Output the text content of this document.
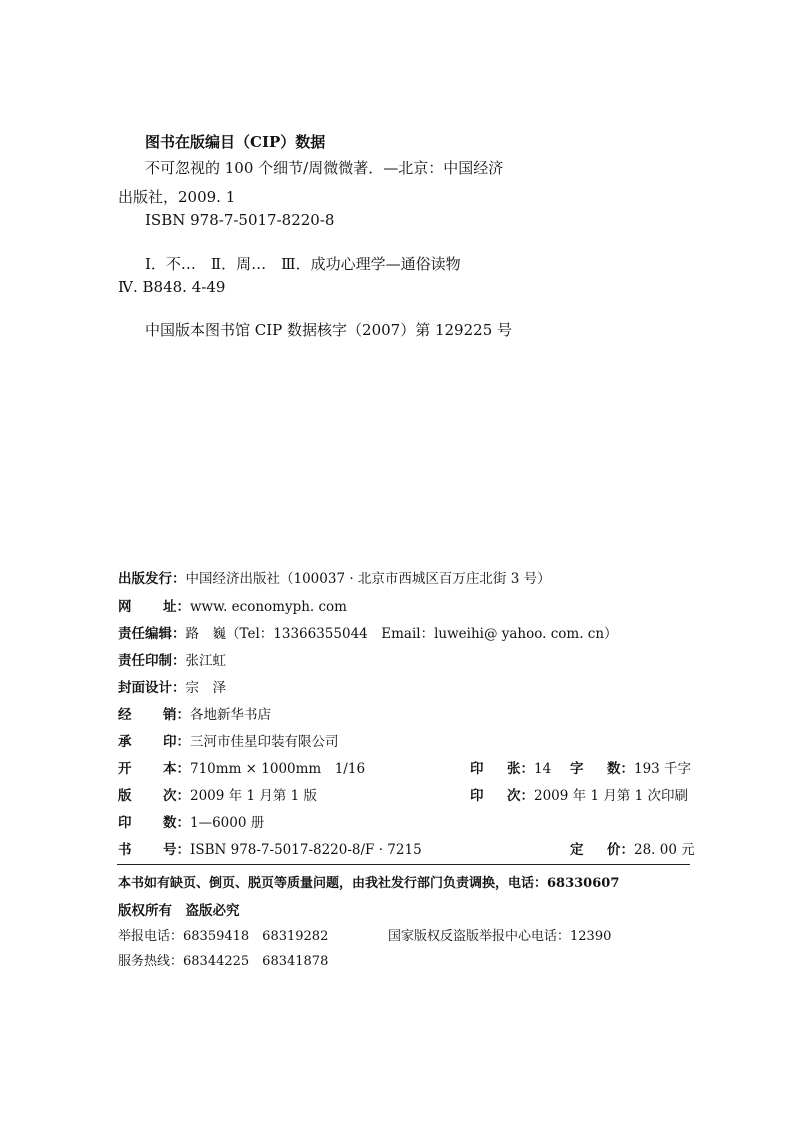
图书在版编目（CIP）数据
不可忽视的 100 个细节/周微微著．—北京：中国经济
出版社，2009. 1
ISBN 978-7-5017-8220-8
Ⅰ．不…　Ⅱ．周…　Ⅲ．成功心理学—通俗读物
Ⅳ. B848. 4-49
中国版本图书馆 CIP 数据核字（2007）第 129225 号
出版发行：中国经济出版社（100037 · 北京市西城区百万庄北街 3 号）
网 址： www. economyph. com
责任编辑：路　巍（Tel：13366355044　Email：luweihi@ yahoo. com. cn）
责任印制：张江虹
封面设计：宗　泽
经 销： 各地新华书店
承 印： 三河市佳星印装有限公司
开 本： 710mm × 1000mm　1/16	印 张： 14 字 数： 193 千字
版 次： 2009 年 1 月第 1 版	印 次： 2009 年 1 月第 1 次印刷
印 数： 1—6000 册
书 号： ISBN 978-7-5017-8220-8/F · 7215	定 价： 28. 00 元
本书如有缺页、倒页、脱页等质量问题，由我社发行部门负责调换，电话：68330607
版权所有　盗版必究
举报电话：68359418　68319282	国家版权反盗版举报中心电话：12390
服务热线：68344225　68341878
